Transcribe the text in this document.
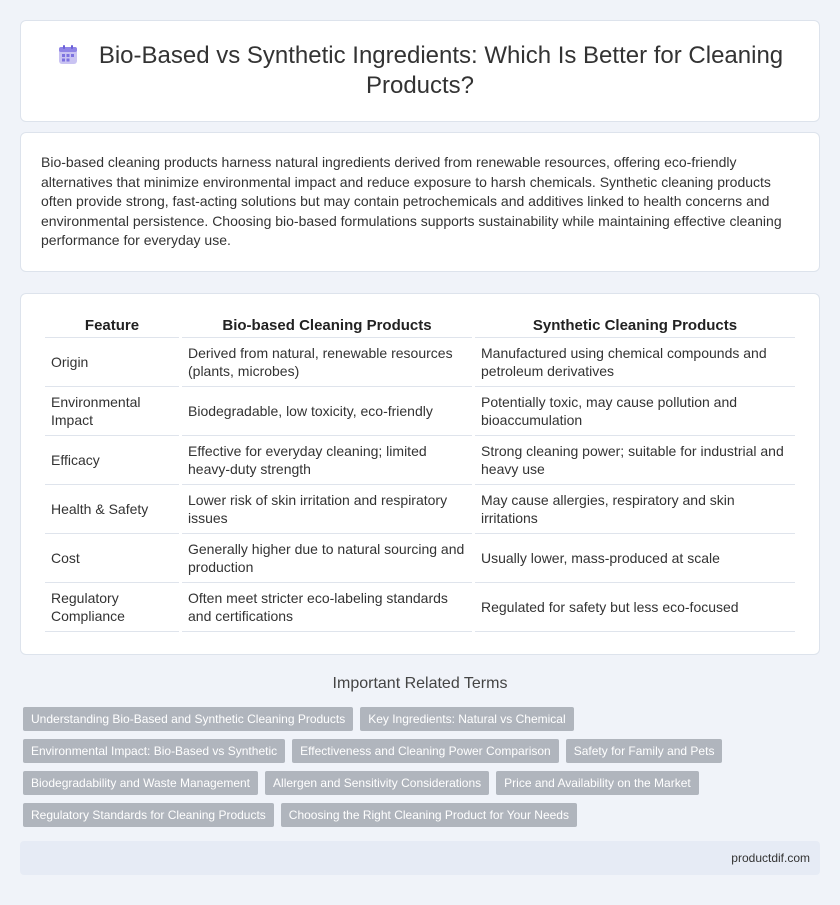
Bio-Based vs Synthetic Ingredients: Which Is Better for Cleaning Products?

Bio-based cleaning products harness natural ingredients derived from renewable resources, offering eco-friendly alternatives that minimize environmental impact and reduce exposure to harsh chemicals. Synthetic cleaning products often provide strong, fast-acting solutions but may contain petrochemicals and additives linked to health concerns and environmental persistence. Choosing bio-based formulations supports sustainability while maintaining effective cleaning performance for everyday use.

Feature	Bio-based Cleaning Products	Synthetic Cleaning Products
Origin	Derived from natural, renewable resources (plants, microbes)	Manufactured using chemical compounds and petroleum derivatives
Environmental Impact	Biodegradable, low toxicity, eco-friendly	Potentially toxic, may cause pollution and bioaccumulation
Efficacy	Effective for everyday cleaning; limited heavy-duty strength	Strong cleaning power; suitable for industrial and heavy use
Health & Safety	Lower risk of skin irritation and respiratory issues	May cause allergies, respiratory and skin irritations
Cost	Generally higher due to natural sourcing and production	Usually lower, mass-produced at scale
Regulatory Compliance	Often meet stricter eco-labeling standards and certifications	Regulated for safety but less eco-focused
Important Related Terms
Understanding Bio-Based and Synthetic Cleaning Products Key Ingredients: Natural vs Chemical
Environmental Impact: Bio-Based vs Synthetic Effectiveness and Cleaning Power Comparison Safety for Family and Pets
Biodegradability and Waste Management Allergen and Sensitivity Considerations Price and Availability on the Market
Regulatory Standards for Cleaning Products Choosing the Right Cleaning Product for Your Needs
productdif.com
